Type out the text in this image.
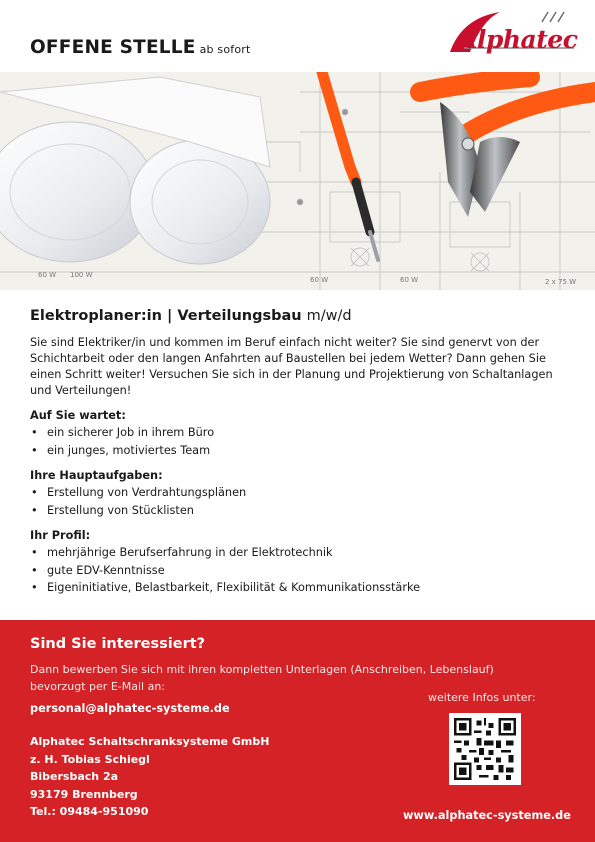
OFFENE STELLE ab sofort	Alphatec
100 W
60 W
60 W	60 W	2 x 75 W
Elektroplaner:in | Verteilungsbau m/w/d

Sie sind Elektriker/in und kommen im Beruf einfach nicht weiter? Sie sind genervt von der Schichtarbeit oder den langen Anfahrten auf Baustellen bei jedem Wetter? Dann gehen Sie einen Schritt weiter! Versuchen Sie sich in der Planung und Projektierung von Schaltanlagen und Verteilungen!

Auf Sie wartet:
• ein sicherer Job in ihrem Büro
• ein junges, motiviertes Team
Ihre Hauptaufgaben:
• Erstellung von Verdrahtungsplänen
• Erstellung von Stücklisten
Ihr Profil:
• mehrjährige Berufserfahrung in der Elektrotechnik
• gute EDV-Kenntnisse
• Eigeninitiative, Belastbarkeit, Flexibilität & Kommunikationsstärke
Sind Sie interessiert?
Dann bewerben Sie sich mit ihren kompletten Unterlagen (Anschreiben, Lebenslauf) bevorzugt per E-Mail an:
personal@alphatec-systeme.de
Alphatec Schaltschranksysteme GmbH
z. H. Tobias Schiegl
Bibersbach 2a
93179 Brennberg
Tel.: 09484-951090
weitere Infos unter:
www.alphatec-systeme.de
